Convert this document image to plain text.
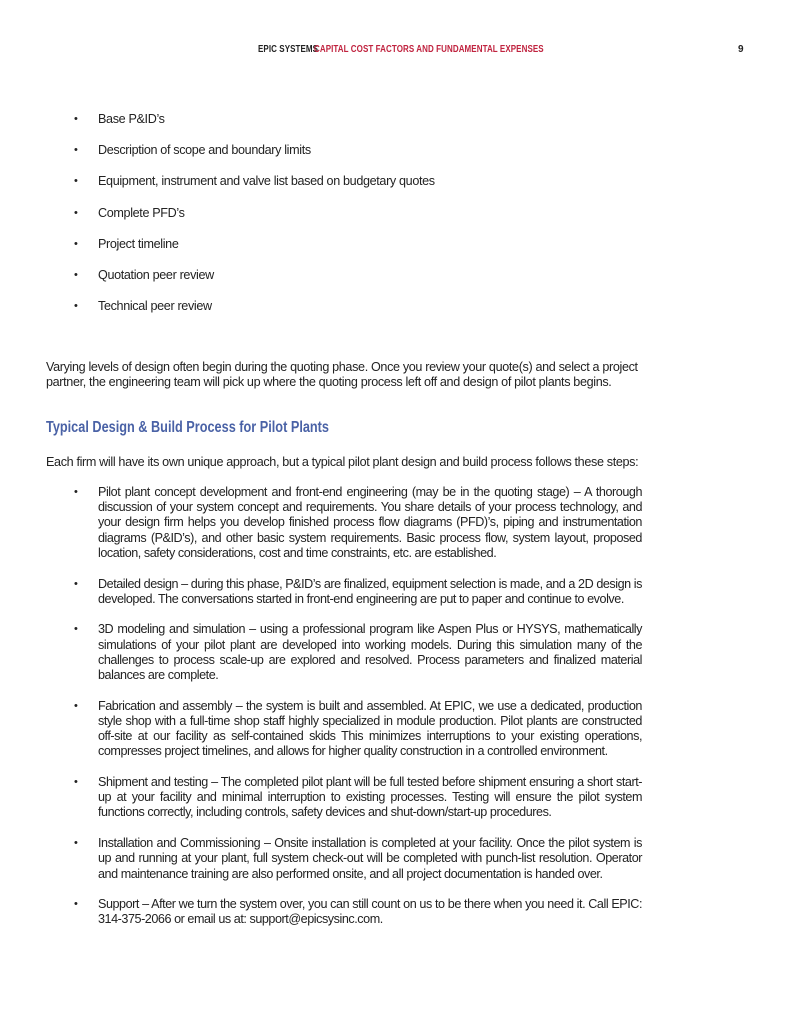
EPIC SYSTEMS
CAPITAL COST FACTORS AND FUNDAMENTAL EXPENSES	9
• Base P&ID’s
• Description of scope and boundary limits
• Equipment, instrument and valve list based on budgetary quotes
• Complete PFD’s
• Project timeline
• Quotation peer review
• Technical peer review

Varying levels of design often begin during the quoting phase. Once you review your quote(s) and select a project partner, the engineering team will pick up where the quoting process left off and design of pilot plants begins.

Typical Design & Build Process for Pilot Plants

Each firm will have its own unique approach, but a typical pilot plant design and build process follows these steps:

• Pilot plant concept development and front-end engineering (may be in the quoting stage) – A thorough discussion of your system concept and requirements. You share details of your process technology, and your design firm helps you develop finished process flow diagrams (PFD)’s, piping and instrumentation diagrams (P&ID’s), and other basic system requirements. Basic process flow, system layout, proposed location, safety considerations, cost and time constraints, etc. are established.
• Detailed design – during this phase, P&ID’s are finalized, equipment selection is made, and a 2D design is developed. The conversations started in front-end engineering are put to paper and continue to evolve.
• 3D modeling and simulation – using a professional program like Aspen Plus or HYSYS, mathematically simulations of your pilot plant are developed into working models. During this simulation many of the challenges to process scale-up are explored and resolved. Process parameters and finalized material balances are complete.
• Fabrication and assembly – the system is built and assembled. At EPIC, we use a dedicated, production style shop with a full-time shop staff highly specialized in module production. Pilot plants are constructed off-site at our facility as self-contained skids This minimizes interruptions to your existing operations, compresses project timelines, and allows for higher quality construction in a controlled environment.
• Shipment and testing – The completed pilot plant will be full tested before shipment ensuring a short start-up at your facility and minimal interruption to existing processes. Testing will ensure the pilot system functions correctly, including controls, safety devices and shut-down/start-up procedures.
• Installation and Commissioning – Onsite installation is completed at your facility. Once the pilot system is up and running at your plant, full system check-out will be completed with punch-list resolution. Operator and maintenance training are also performed onsite, and all project documentation is handed over.
• Support – After we turn the system over, you can still count on us to be there when you need it. Call EPIC: 314-375-2066 or email us at: support@epicsysinc.com.
